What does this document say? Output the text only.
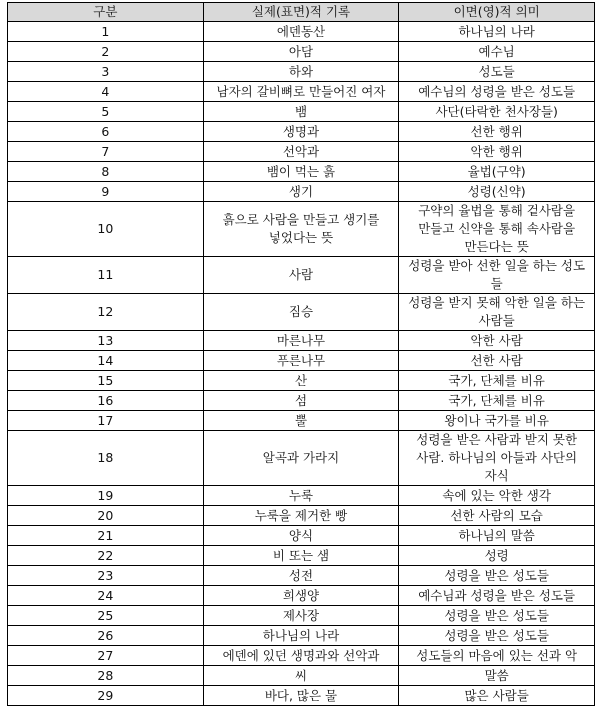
구분	실제(표면)적 기록	이면(영)적 의미
1	에덴동산	하나님의 나라
2	아담	예수님
3	하와	성도들
4	남자의 갈비뼈로 만들어진 여자	예수님의 성령을 받은 성도들
5	뱀	사단(타락한 천사장들)
6	생명과	선한 행위
7	선악과	악한 행위
8	뱀이 먹는 흙	율법(구약)
9	생기	성령(신약)
10	흙으로 사람을 만들고 생기를 넣었다는 뜻	구약의 율법을 통해 겉사람을 만들고 신약을 통해 속사람을 만든다는 뜻
11	사람	성령을 받아 선한 일을 하는 성도들
12	짐승	성령을 받지 못해 악한 일을 하는 사람들
13	마른나무	악한 사람
14	푸른나무	선한 사람
15	산	국가, 단체를 비유
16	섬	국가, 단체를 비유
17	뿔	왕이나 국가를 비유
18	알곡과 가라지	성령을 받은 사람과 받지 못한 사람. 하나님의 아들과 사단의 자식
19	누룩	속에 있는 악한 생각
20	누룩을 제거한 빵	선한 사람의 모습
21	양식	하나님의 말씀
22	비 또는 샘	성령
23	성전	성령을 받은 성도들
24	희생양	예수님과 성령을 받은 성도들
25	제사장	성령을 받은 성도들
26	하나님의 나라	성령을 받은 성도들
27	에덴에 있던 생명과와 선악과	성도들의 마음에 있는 선과 악
28	씨	말씀
29	바다, 많은 물	많은 사람들
